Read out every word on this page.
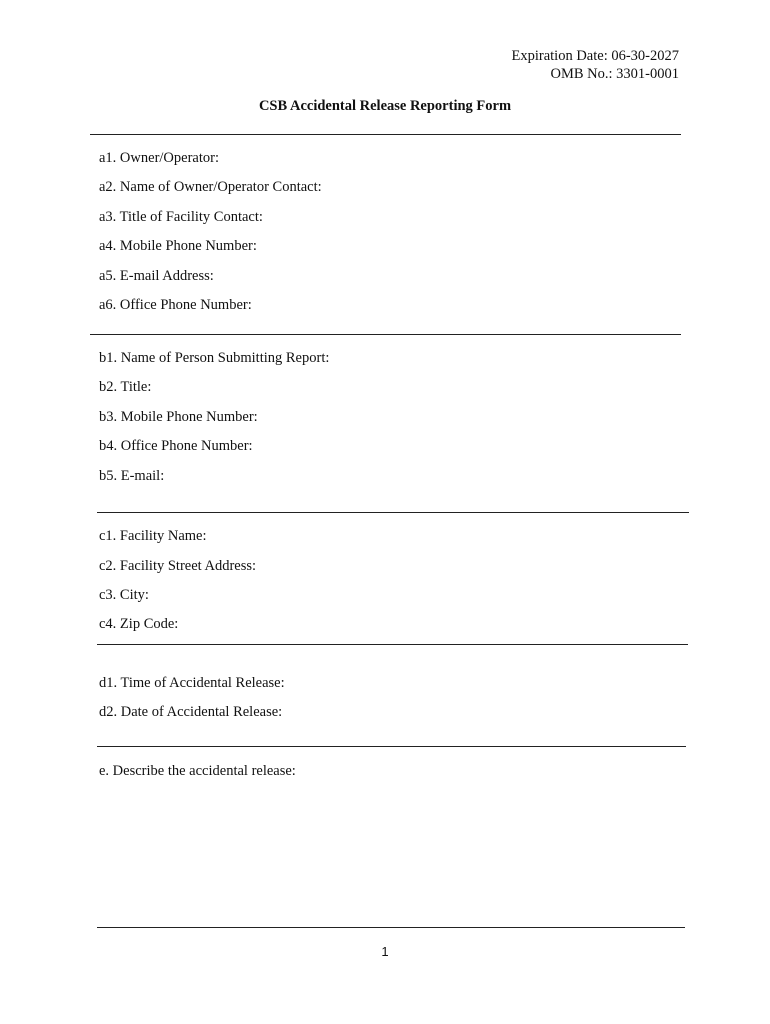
Expiration Date: 06-30-2027
OMB No.: 3301-0001
CSB Accidental Release Reporting Form
a1. Owner/Operator:
a2. Name of Owner/Operator Contact:
a3. Title of Facility Contact:
a4. Mobile Phone Number:
a5. E-mail Address:
a6. Office Phone Number:
b1. Name of Person Submitting Report:
b2. Title:
b3. Mobile Phone Number:
b4. Office Phone Number:
b5. E-mail:
c1. Facility Name:
c2. Facility Street Address:
c3. City:
c4. Zip Code:
d1. Time of Accidental Release:
d2. Date of Accidental Release:
e. Describe the accidental release:
1
